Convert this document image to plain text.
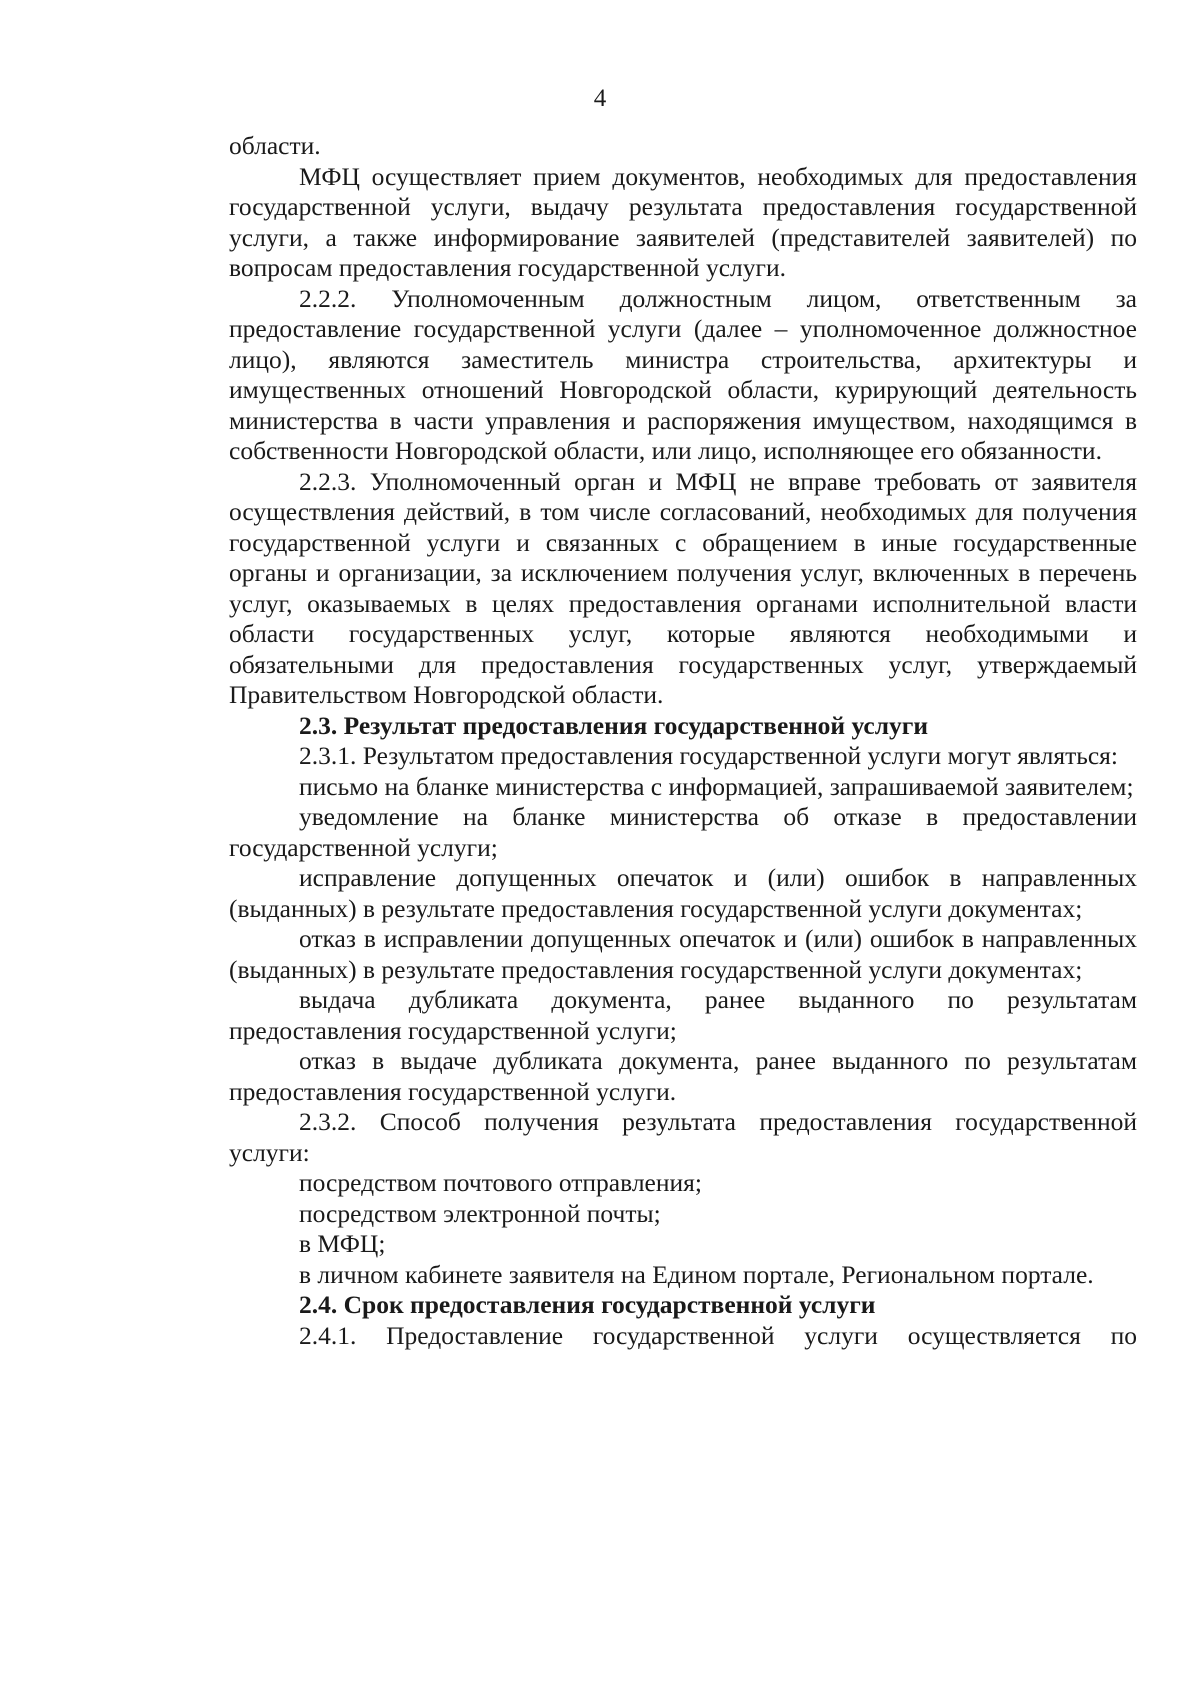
4

области.

МФЦ осуществляет прием документов, необходимых для предоставления государственной услуги, выдачу результата предоставления государственной услуги, а также информирование заявителей (представителей заявителей) по вопросам предоставления государственной услуги.

2.2.2. Уполномоченным должностным лицом, ответственным за предоставление государственной услуги (далее – уполномоченное должностное лицо), являются заместитель министра строительства, архитектуры и имущественных отношений Новгородской области, курирующий деятельность министерства в части управления и распоряжения имуществом, находящимся в собственности Новгородской области, или лицо, исполняющее его обязанности.

2.2.3. Уполномоченный орган и МФЦ не вправе требовать от заявителя осуществления действий, в том числе согласований, необходимых для получения государственной услуги и связанных с обращением в иные государственные органы и организации, за исключением получения услуг, включенных в перечень услуг, оказываемых в целях предоставления органами исполнительной власти области государственных услуг, которые являются необходимыми и обязательными для предоставления государственных услуг, утверждаемый Правительством Новгородской области.

2.3. Результат предоставления государственной услуги

2.3.1. Результатом предоставления государственной услуги могут являться:

письмо на бланке министерства с информацией, запрашиваемой заявителем;

уведомление на бланке министерства об отказе в предоставлении государственной услуги;

исправление допущенных опечаток и (или) ошибок в направленных (выданных) в результате предоставления государственной услуги документах;

отказ в исправлении допущенных опечаток и (или) ошибок в направленных (выданных) в результате предоставления государственной услуги документах;

выдача дубликата документа, ранее выданного по результатам предоставления государственной услуги;

отказ в выдаче дубликата документа, ранее выданного по результатам предоставления государственной услуги.

2.3.2. Способ получения результата предоставления государственной услуги:

посредством почтового отправления;

посредством электронной почты;

в МФЦ;

в личном кабинете заявителя на Едином портале, Региональном портале.

2.4. Срок предоставления государственной услуги

2.4.1. Предоставление государственной услуги осуществляется по
